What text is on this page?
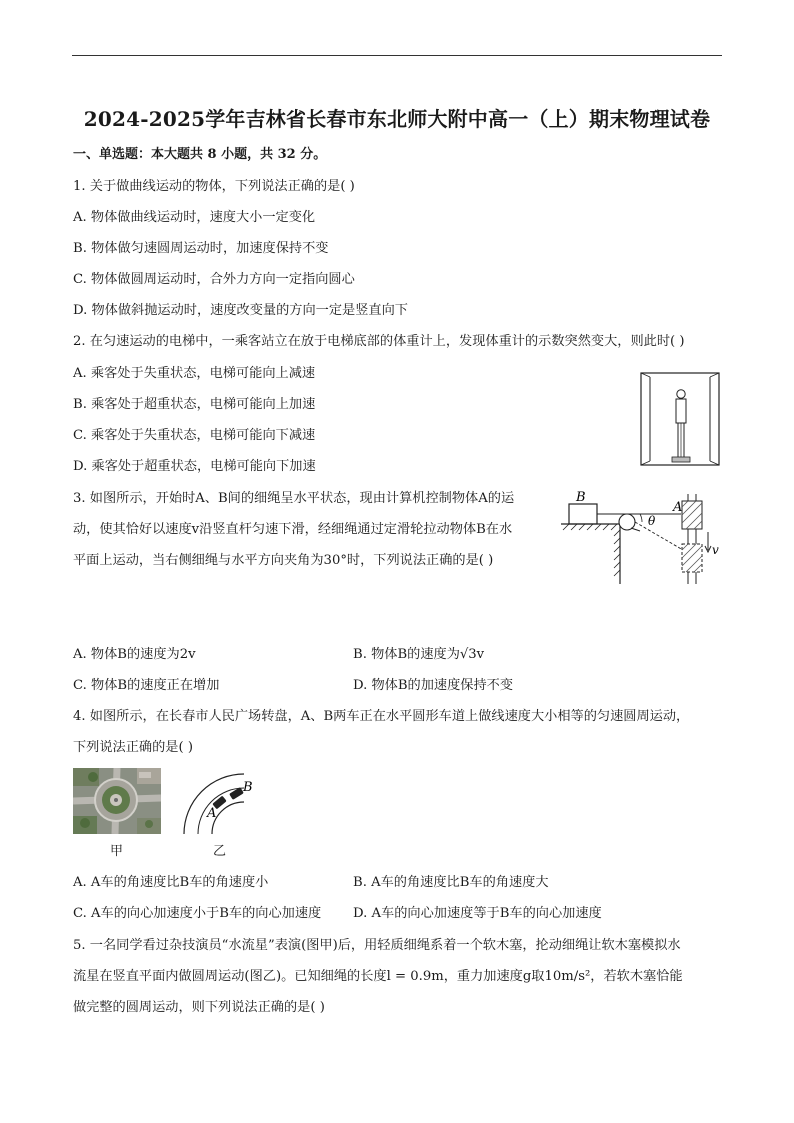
2024-2025学年吉林省长春市东北师大附中高一（上）期末物理试卷
一、单选题：本大题共 8 小题，共 32 分。
1. 关于做曲线运动的物体，下列说法正确的是( )
A. 物体做曲线运动时，速度大小一定变化
B. 物体做匀速圆周运动时，加速度保持不变
C. 物体做圆周运动时，合外力方向一定指向圆心
D. 物体做斜抛运动时，速度改变量的方向一定是竖直向下
2. 在匀速运动的电梯中，一乘客站立在放于电梯底部的体重计上，发现体重计的示数突然变大，则此时( )
A. 乘客处于失重状态，电梯可能向上减速
B. 乘客处于超重状态，电梯可能向上加速
C. 乘客处于失重状态，电梯可能向下减速
D. 乘客处于超重状态，电梯可能向下加速
3. 如图所示，开始时A、B间的细绳呈水平状态，现由计算机控制物体A的运
动，使其恰好以速度v沿竖直杆匀速下滑，经细绳通过定滑轮拉动物体B在水
平面上运动，当右侧细绳与水平方向夹角为30°时，下列说法正确的是( )
B
θ
A
v
A. 物体B的速度为2v	B. 物体B的速度为√3v
C. 物体B的速度正在增加	D. 物体B的加速度保持不变
4. 如图所示，在长春市人民广场转盘，A、B两车正在水平圆形车道上做线速度大小相等的匀速圆周运动，
下列说法正确的是( )
甲
B
A
乙
A. A车的角速度比B车的角速度小	B. A车的角速度比B车的角速度大
C. A车的向心加速度小于B车的向心加速度 D. A车的向心加速度等于B车的向心加速度
5. 一名同学看过杂技演员“水流星”表演(图甲)后，用轻质细绳系着一个软木塞，抡动细绳让软木塞模拟水
流星在竖直平面内做圆周运动(图乙)。已知细绳的长度l = 0.9m，重力加速度g取10m/s²，若软木塞恰能
做完整的圆周运动，则下列说法正确的是( )
